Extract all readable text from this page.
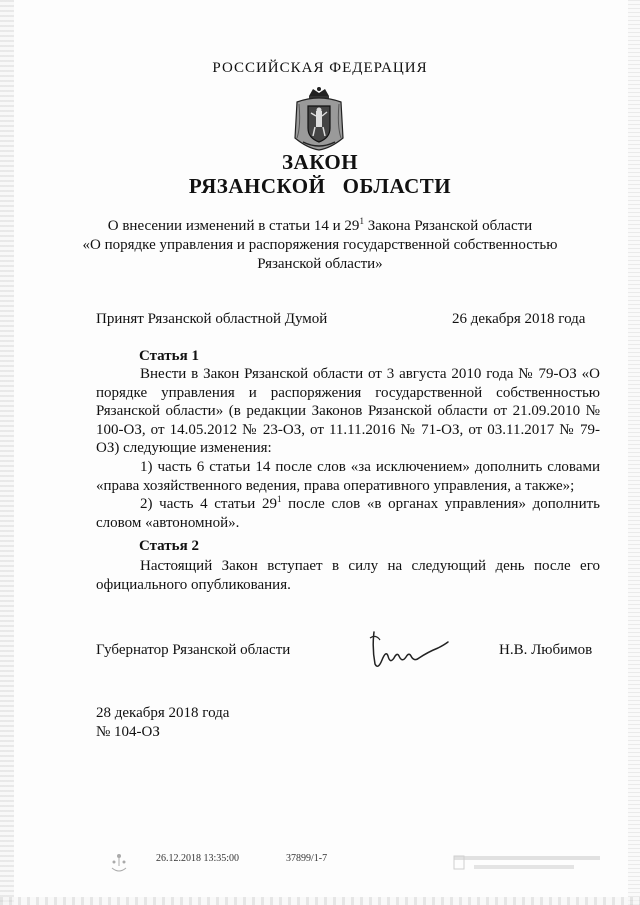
РОССИЙСКАЯ ФЕДЕРАЦИЯ
ЗАКОН
РЯЗАНСКОЙ   ОБЛАСТИ
О внесении изменений в статьи 14 и $29^1$ Закона Рязанской области
«О порядке управления и распоряжения государственной собственностью
Рязанской области»
Принят Рязанской областной Думой	26 декабря 2018 года
Статья 1

Внести в Закон Рязанской области от 3 августа 2010 года № 79-ОЗ «О порядке управления и распоряжения государственной собственностью Рязанской области» (в редакции Законов Рязанской области от 21.09.2010 № 100-ОЗ, от 14.05.2012 № 23-ОЗ, от 11.11.2016 № 71-ОЗ, от 03.11.2017 № 79-ОЗ) следующие изменения:

1) часть 6 статьи 14 после слов «за исключением» дополнить словами «права хозяйственного ведения, права оперативного управления, а также»;

2) часть 4 статьи $29^1$ после слов «в органах управления» дополнить словом «автономной».

Статья 2

Настоящий Закон вступает в силу на следующий день после его официального опубликования.

Губернатор Рязанской области	Н.В. Любимов
28 декабря 2018 года
№ 104-ОЗ
26.12.2018 13:35:00	37899/1-7
